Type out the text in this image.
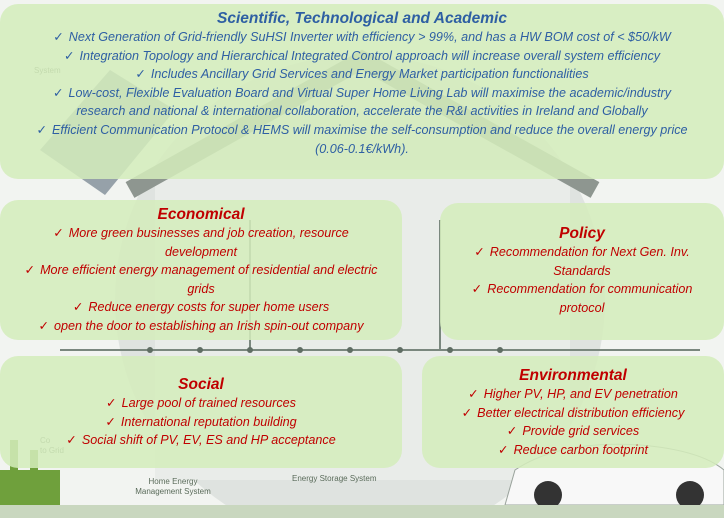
Home Energy
Management System
Energy Storage System

Scientific, Technological and Academic

✓ Next Generation of Grid-friendly SuHSI Inverter with efficiency > 99%, and has a HW BOM cost of < $50/kW

✓ Integration Topology and Hierarchical Integrated Control approach will increase overall system efficiency

✓ Includes Ancillary Grid Services and Energy Market participation functionalities

✓ Low-cost, Flexible Evaluation Board and Virtual Super Home Living Lab will maximise the academic/industry research and national & international collaboration, accelerate the R&I activities in Ireland and Globally

✓ Efficient Communication Protocol & HEMS will maximise the self-consumption and reduce the overall energy price (0.06-0.1€/kWh).

Economical

✓ More green businesses and job creation, resource development

✓ More efficient energy management of residential and electric grids

✓ Reduce energy costs for super home users

✓ open the door to establishing an Irish spin-out company

Policy

✓ Recommendation for Next Gen. Inv. Standards

✓ Recommendation for communication protocol

Social

✓ Large pool of trained resources

✓ International reputation building

✓ Social shift of PV, EV, ES and HP acceptance

Environmental

✓ Higher PV, HP, and EV penetration

✓ Better electrical distribution efficiency

✓ Provide grid services

✓ Reduce carbon footprint
